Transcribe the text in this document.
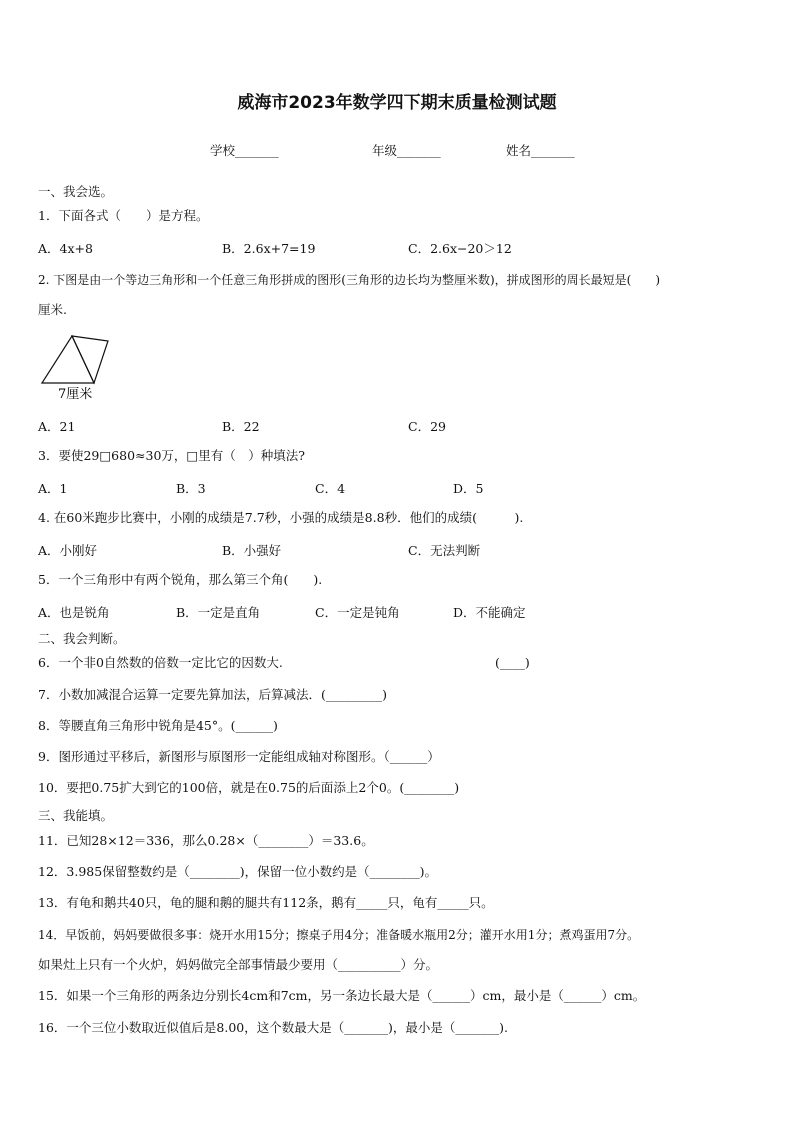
威海市2023年数学四下期末质量检测试题
学校_______	年级_______	姓名_______
一、我会选。
1．下面各式（　　）是方程。
A．4x+8	B．2.6x+7=19	C．2.6x−20＞12
2. 下图是由一个等边三角形和一个任意三角形拼成的图形(三角形的边长均为整厘米数)，拼成图形的周长最短是(　　)
厘米.
7厘米
A．21	B．22	C．29
3．要使29□680≈30万，□里有（　）种填法?
A．1	B．3	C．4	D．5
4. 在60米跑步比赛中，小刚的成绩是7.7秒，小强的成绩是8.8秒．他们的成绩(　　　).
A．小刚好	B．小强好	C．无法判断
5．一个三角形中有两个锐角，那么第三个角(　　).
A．也是锐角	B．一定是直角	C．一定是钝角	D．不能确定
二、我会判断。
6．一个非0自然数的倍数一定比它的因数大.	(____)
7．小数加减混合运算一定要先算加法，后算减法．(_________)
8．等腰直角三角形中锐角是45°。(______)
9．图形通过平移后，新图形与原图形一定能组成轴对称图形。（______）
10．要把0.75扩大到它的100倍，就是在0.75的后面添上2个0。(________)
三、我能填。
11．已知28×12＝336，那么0.28×（________）＝33.6。
12．3.985保留整数约是（________)，保留一位小数约是（________)。
13．有龟和鹅共40只，龟的腿和鹅的腿共有112条，鹅有_____只，龟有_____只。
14．早饭前，妈妈要做很多事：烧开水用15分；擦桌子用4分；准备暖水瓶用2分；灌开水用1分；煮鸡蛋用7分。
如果灶上只有一个火炉，妈妈做完全部事情最少要用（__________）分。
15．如果一个三角形的两条边分别长4cm和7cm，另一条边长最大是（______）cm，最小是（______）cm。
16．一个三位小数取近似值后是8.00，这个数最大是（_______)，最小是（_______).
